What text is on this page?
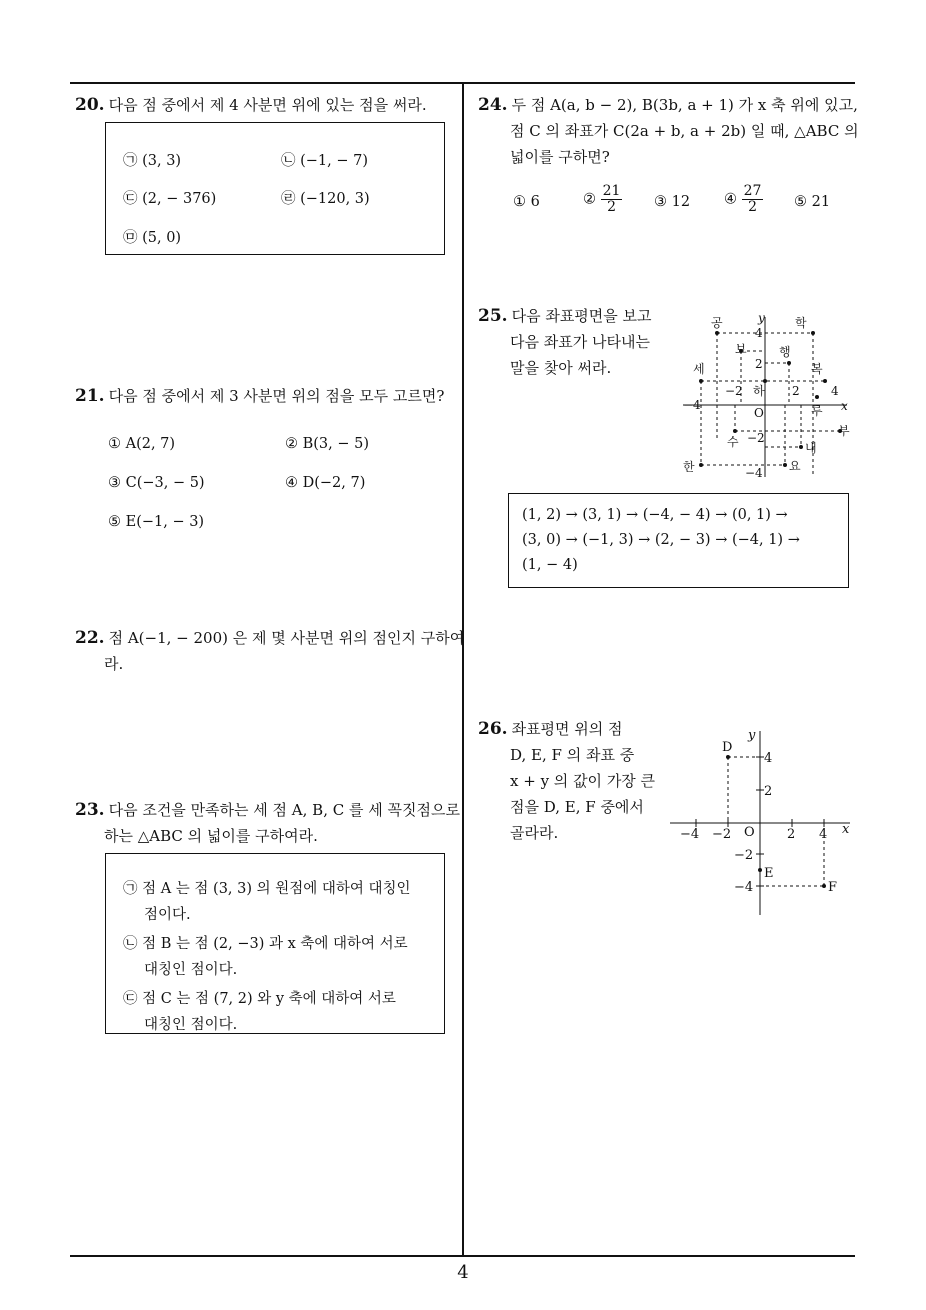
20. 다음 점 중에서 제 4 사분면 위에 있는 점을 써라.
㉠ (3, 3)	㉡ (−1, − 7)
㉢ (2, − 376)	㉣ (−120, 3)
㉤ (5, 0)
21. 다음 점 중에서 제 3 사분면 위의 점을 모두 고르면?
① A(2, 7)	② B(3, − 5)
③ C(−3, − 5)	④ D(−2, 7)
⑤ E(−1, − 3)
22. 점 A(−1, − 200) 은 제 몇 사분면 위의 점인지 구하여
라.
23. 다음 조건을 만족하는 세 점 A, B, C 를 세 꼭짓점으로
하는 △ABC 의 넓이를 구하여라.
㉠ 점 A 는 점 (3, 3) 의 원점에 대하여 대칭인
점이다.
㉡ 점 B 는 점 (2, −3) 과 x 축에 대하여 서로
대칭인 점이다.
㉢ 점 C 는 점 (7, 2) 와 y 축에 대하여 서로
대칭인 점이다.
24. 두 점 A(a, b − 2), B(3b, a + 1) 가 x 축 위에 있고,
점 C 의 좌표가 C(2a + b, a + 2b) 일 때, △ABC 의
넓이를 구하면?
① 6	② $\frac{21}{2}$ ③ 12 ④ $\frac{27}{2}$ ⑤ 21
25. 다음 좌표평면을 보고
다음 좌표가 나타내는
말을 찾아 써라.
x
y
O
4
2
−2	2	4
−4
−2
−4
공	학
보	행
세
하
복
루
부
수	내
한	요
(1, 2) → (3, 1) → (−4, − 4) → (0, 1) →
(3, 0) → (−1, 3) → (2, − 3) → (−4, 1) →
(1, − 4)
26. 좌표평면 위의 점
D, E, F 의 좌표 중
x + y 의 값이 가장 큰
점을 D, E, F 중에서
골라라.	x
y
O
4
2
−2
−4
−4 −2	2 4
D
E
F
4
